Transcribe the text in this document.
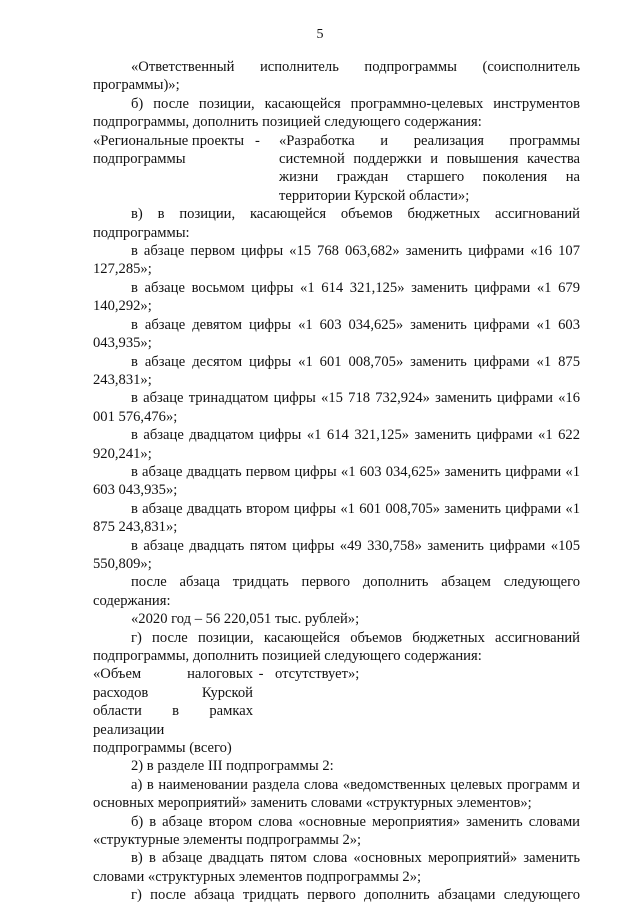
5

«Ответственный исполнитель подпрограммы (соисполнитель программы)»;

б) после позиции, касающейся программно-целевых инструментов подпрограммы, дополнить позицией следующего содержания:

«Региональные проекты подпрограммы
-	«Разработка и реализация программы системной поддержки и повышения качества жизни граждан старшего поколения на территории Курской области»;

в) в позиции, касающейся объемов бюджетных ассигнований подпрограммы:

в абзаце первом цифры «15 768 063,682» заменить цифрами «16 107 127,285»;

в абзаце восьмом цифры «1 614 321,125» заменить цифрами «1 679 140,292»;

в абзаце девятом цифры «1 603 034,625» заменить цифрами «1 603 043,935»;

в абзаце десятом цифры «1 601 008,705» заменить цифрами «1 875 243,831»;

в абзаце тринадцатом цифры «15 718 732,924» заменить цифрами «16 001 576,476»;

в абзаце двадцатом цифры «1 614 321,125» заменить цифрами «1 622 920,241»;

в абзаце двадцать первом цифры «1 603 034,625» заменить цифрами «1 603 043,935»;

в абзаце двадцать втором цифры «1 601 008,705» заменить цифрами «1 875 243,831»;

в абзаце двадцать пятом цифры «49 330,758» заменить цифрами «105 550,809»;

после абзаца тридцать первого дополнить абзацем следующего содержания:

«2020 год – 56 220,051 тыс. рублей»;

г) после позиции, касающейся объемов бюджетных ассигнований подпрограммы, дополнить позицией следующего содержания:

«Объем налоговых - отсутствует»;

расходов Курской области в рамках реализации подпрограммы (всего)

2) в разделе III подпрограммы 2:

а) в наименовании раздела слова «ведомственных целевых программ и основных мероприятий» заменить словами «структурных элементов»;

б) в абзаце втором слова «основные мероприятия» заменить словами «структурные элементы подпрограммы 2»;

в) в абзаце двадцать пятом слова «основных мероприятий» заменить словами «структурных элементов подпрограммы 2»;

г) после абзаца тридцать первого дополнить абзацами следующего
